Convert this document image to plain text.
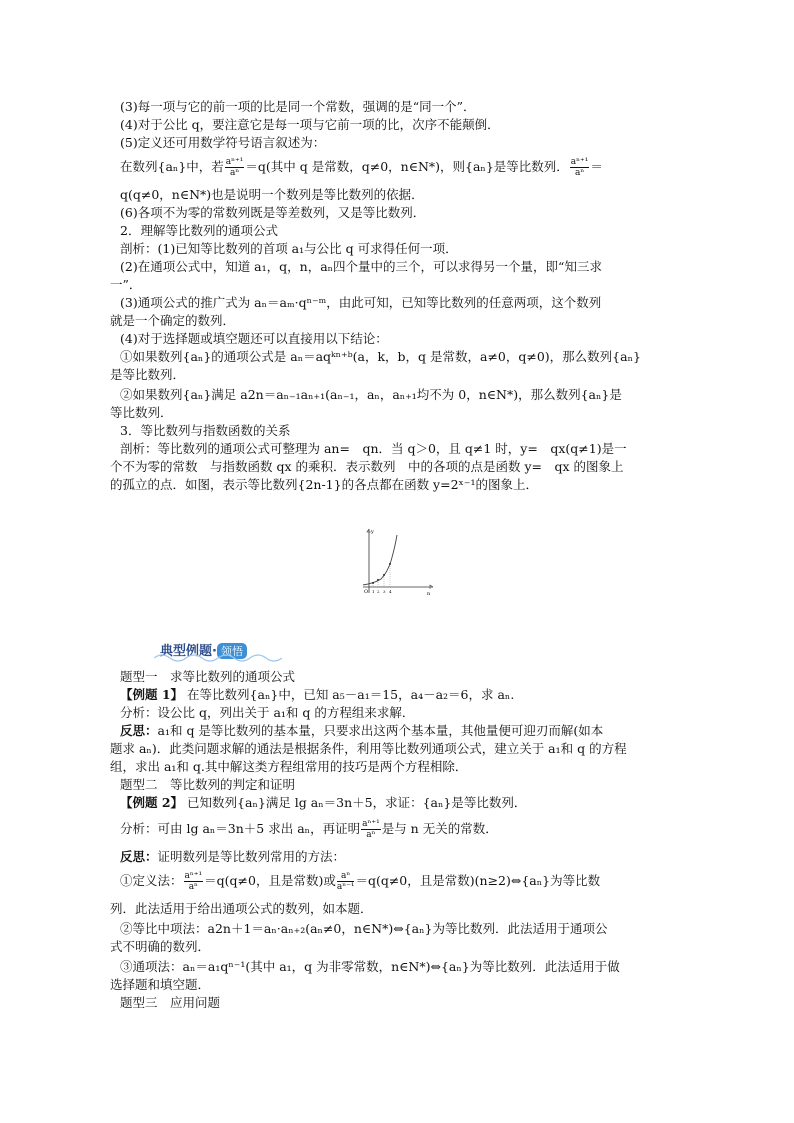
(3)每一项与它的前一项的比是同一个常数，强调的是“同一个”．
(4)对于公比 q，要注意它是每一项与它前一项的比，次序不能颠倒．
(5)定义还可用数学符号语言叙述为：
在数列{aₙ}中，若 $\frac{\text{aⁿ⁺¹}}{\text{aⁿ}} =q$(其中 q 是常数，q≠0，n∈N*)，则{aₙ}是等比数列． $\frac{\text{aⁿ⁺¹}}{\text{aⁿ}}$ ＝
q(q≠0，n∈N*)也是说明一个数列是等比数列的依据．
(6)各项不为零的常数列既是等差数列，又是等比数列．
2．理解等比数列的通项公式
剖析：(1)已知等比数列的首项 a₁与公比 q 可求得任何一项．
(2)在通项公式中，知道 a₁，q，n，aₙ四个量中的三个，可以求得另一个量，即“知三求
一”．
(3)通项公式的推广式为 aₙ＝aₘ·qⁿ⁻ᵐ，由此可知，已知等比数列的任意两项，这个数列
就是一个确定的数列．
(4)对于选择题或填空题还可以直接用以下结论：
①如果数列{aₙ}的通项公式是 aₙ＝aqᵏⁿ⁺ᵇ(a，k，b，q 是常数，a≠0，q≠0)，那么数列{aₙ}
是等比数列．
②如果数列{aₙ}满足 a2n＝aₙ₋₁aₙ₊₁(aₙ₋₁，aₙ，aₙ₊₁均不为 0，n∈N*)，那么数列{aₙ}是
等比数列．
3．等比数列与指数函数的关系
剖析：等比数列的通项公式可整理为 an=　qn．当 q＞0，且 q≠1 时，y=　qx(q≠1)是一
个不为零的常数　与指数函数 qx 的乘积．表示数列　中的各项的点是函数 y=　qx 的图象上
的孤立的点．如图，表示等比数列{2n-1}的各点都在函数 y=2ˣ⁻¹的图象上．
y
n
O 1 2 3 4
典型例题· 领悟
题型一　求等比数列的通项公式
【例题 1】 在等比数列{aₙ}中，已知 a₅－a₁＝15，a₄－a₂＝6，求 aₙ.
分析：设公比 q，列出关于 a₁和 q 的方程组来求解．
反思：a₁和 q 是等比数列的基本量，只要求出这两个基本量，其他量便可迎刃而解(如本
题求 aₙ)．此类问题求解的通法是根据条件，利用等比数列通项公式，建立关于 a₁和 q 的方程
组，求出 a₁和 q.其中解这类方程组常用的技巧是两个方程相除．
题型二　等比数列的判定和证明
【例题 2】 已知数列{aₙ}满足 lg aₙ＝3n＋5，求证：{aₙ}是等比数列．
分析：可由 lg aₙ＝3n＋5 求出 aₙ，再证明 $\frac{\text{aⁿ⁺¹}}{\text{aⁿ}}$ 是与 n 无关的常数．
反思：证明数列是等比数列常用的方法：
①定义法： $\frac{\text{aⁿ⁺¹}}{\text{aⁿ}} =q(q\ne 0$，且是常数)或 $\frac{\text{aⁿ}}{\text{aⁿ⁻¹}} =q(q\ne 0$，且是常数)(n≥2)⇔{aₙ}为等比数
列．此法适用于给出通项公式的数列，如本题．
②等比中项法：a2n＋1＝aₙ·aₙ₊₂(aₙ≠0，n∈N*)⇔{aₙ}为等比数列．此法适用于通项公
式不明确的数列．
③通项法：aₙ＝a₁qⁿ⁻¹(其中 a₁，q 为非零常数，n∈N*)⇔{aₙ}为等比数列．此法适用于做
选择题和填空题．
题型三　应用问题
